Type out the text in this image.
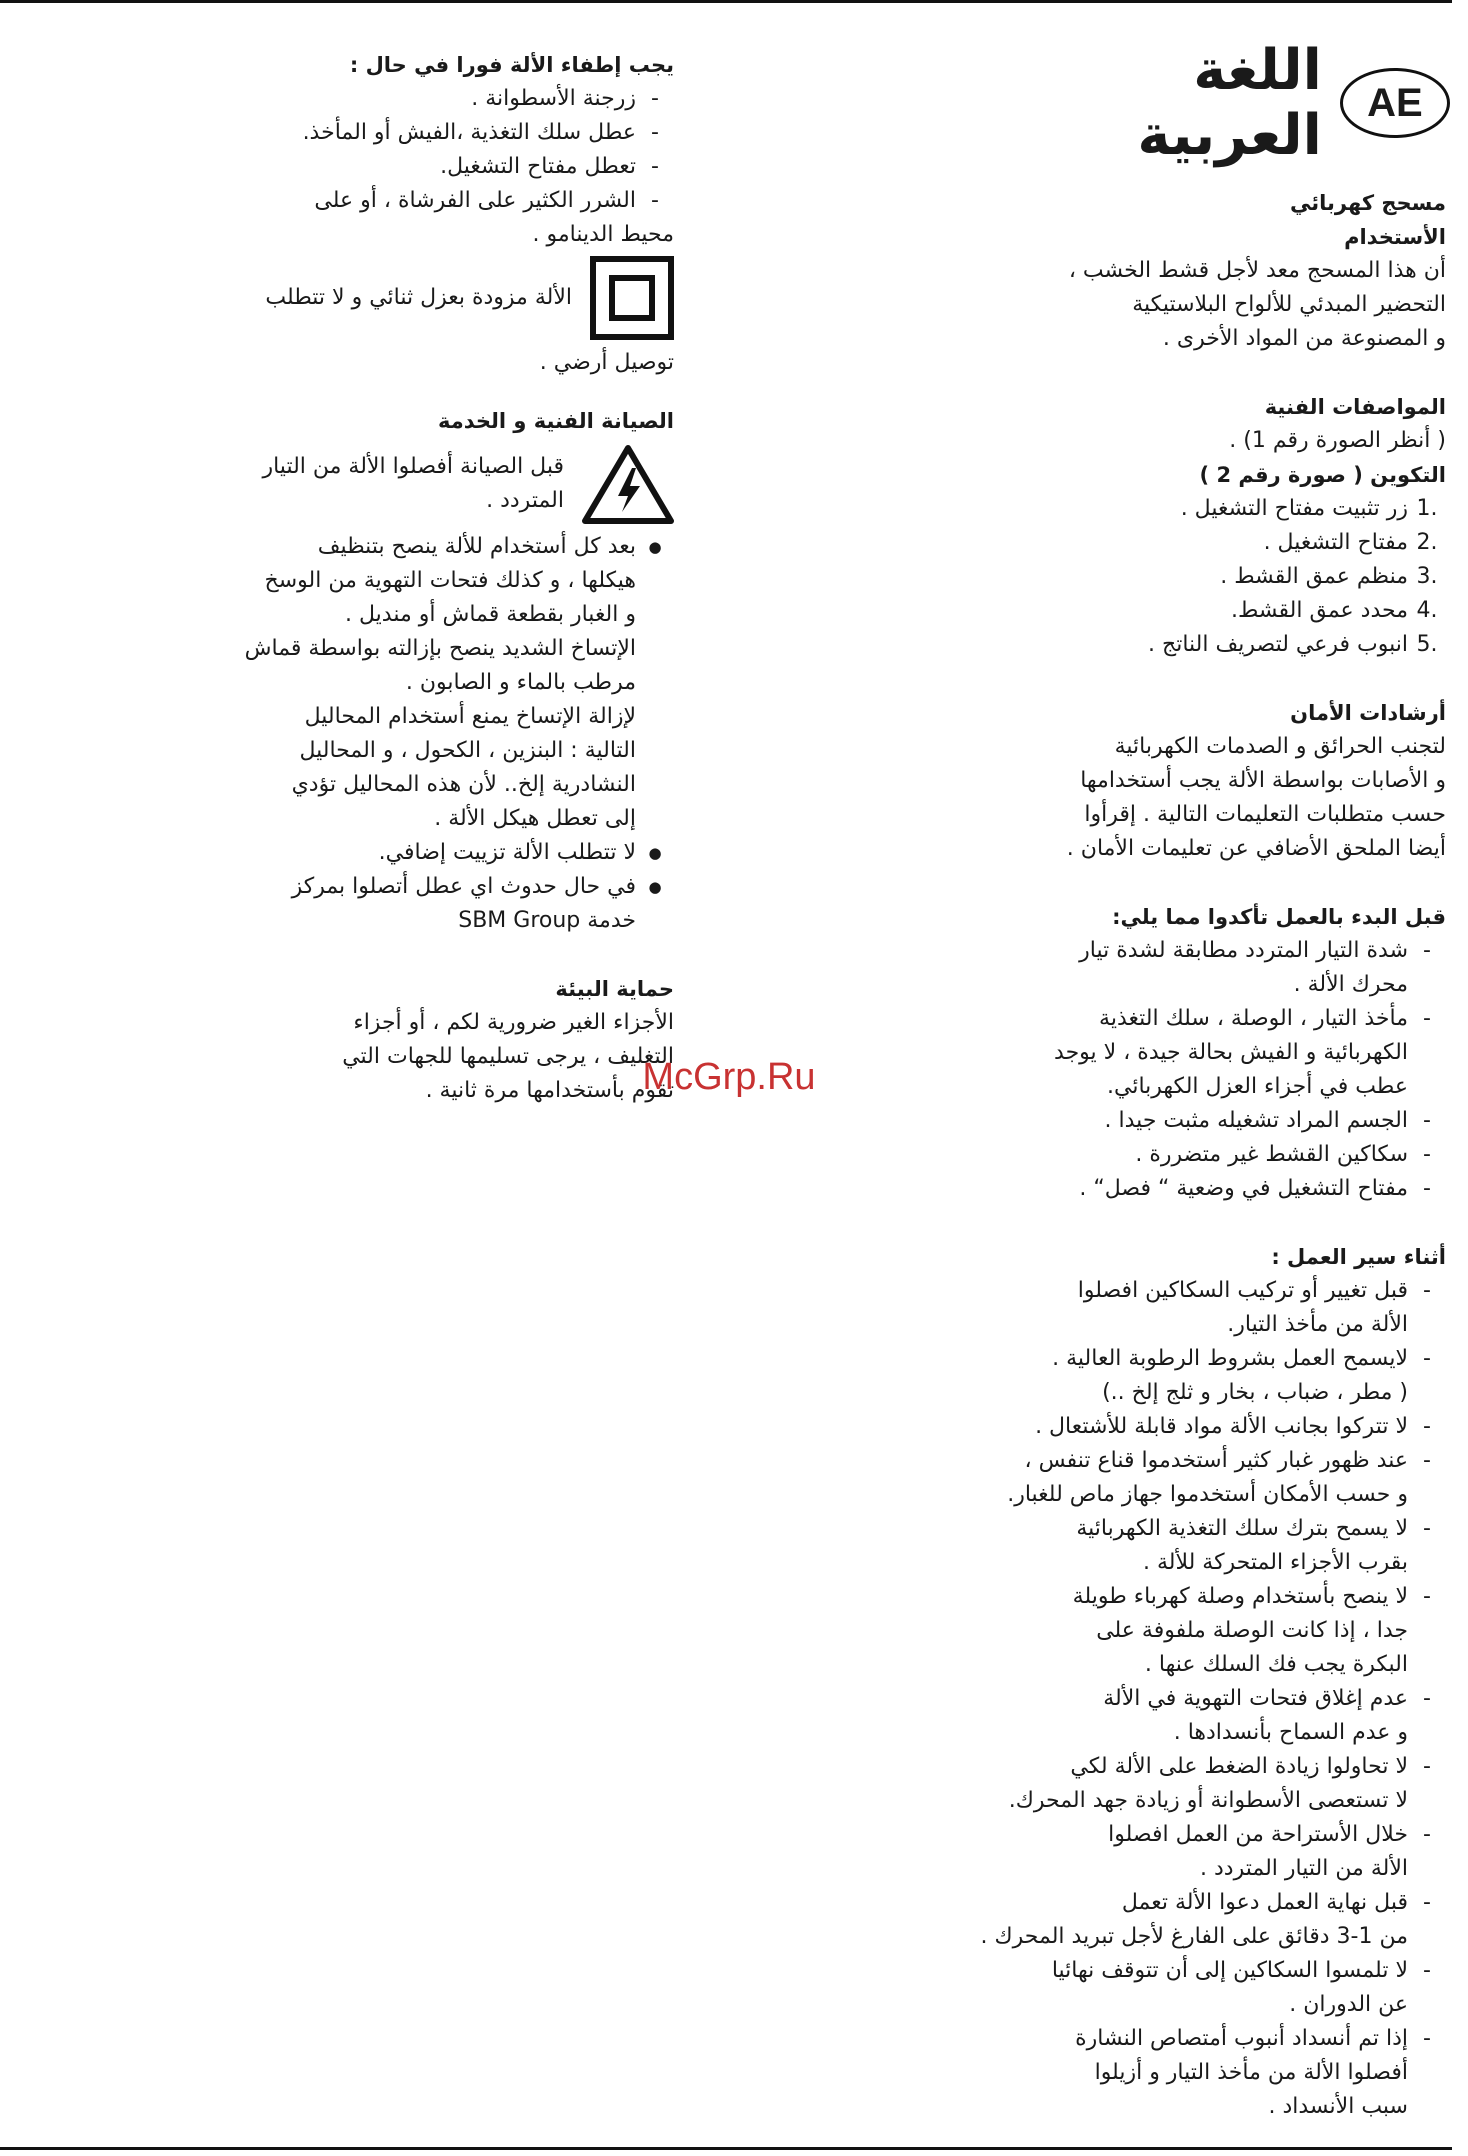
اللغة العربية
AE
مسحج كهربائي
الأستخدام
أن هذا المسحج معد لأجل قشط الخشب ،
التحضير المبدئي للألواح البلاستيكية
و المصنوعة من المواد الأخرى .
المواصفات الفنية
( أنظر الصورة رقم 1) .
التكوين ( صورة رقم 2 )
1.
زر تثبيت مفتاح التشغيل .
2.
مفتاح التشغيل .
3.
منظم عمق القشط .
4.
محدد عمق القشط.
5.
انبوب فرعي لتصريف الناتج .
أرشادات الأمان
لتجنب الحرائق و الصدمات الكهربائية
و الأصابات بواسطة الألة يجب أستخدامها
حسب متطلبات التعليمات التالية . إقرأوا
أيضا الملحق الأضافي عن تعليمات الأمان .
قبل البدء بالعمل تأكدوا مما يلي:
-
شدة التيار المتردد مطابقة لشدة تيار
محرك الألة .
-
مأخذ التيار ، الوصلة ، سلك التغذية
الكهربائية و الفيش بحالة جيدة ، لا يوجد
عطب في أجزاء العزل الكهربائي.
-
الجسم المراد تشغيله مثبت جيدا .
-
سكاكين القشط غير متضررة .
-
مفتاح التشغيل في وضعية “ فصل“ .
أثناء سير العمل :
-
قبل تغيير أو تركيب السكاكين افصلوا
الألة من مأخذ التيار.
-
لايسمح العمل بشروط الرطوبة العالية .
( مطر ، ضباب ، بخار و ثلج إلخ ..)
-
لا تتركوا بجانب الألة مواد قابلة للأشتعال .
-
عند ظهور غبار كثير أستخدموا قناع تنفس ،
و حسب الأمكان أستخدموا جهاز ماص للغبار.
-
لا يسمح بترك سلك التغذية الكهربائية
بقرب الأجزاء المتحركة للألة .
-
لا ينصح بأستخدام وصلة كهرباء طويلة
جدا ، إذا كانت الوصلة ملفوفة على
البكرة يجب فك السلك عنها .
-
عدم إغلاق فتحات التهوية في الألة
و عدم السماح بأنسدادها .
-
لا تحاولوا زيادة الضغط على الألة لكي
لا تستعصى الأسطوانة أو زيادة جهد المحرك.
-
خلال الأستراحة من العمل افصلوا
الألة من التيار المتردد .
-
قبل نهاية العمل دعوا الألة تعمل
من 1-3 دقائق على الفارغ لأجل تبريد المحرك .
-
لا تلمسوا السكاكين إلى أن تتوقف نهائيا
عن الدوران .
-
إذا تم أنسداد أنبوب أمتصاص النشارة
أفصلوا الألة من مأخذ التيار و أزيلوا
سبب الأنسداد .
يجب إطفاء الألة فورا في حال :
-
زرجنة الأسطوانة .
-
عطل سلك التغذية ،الفيش أو المأخذ.
-
تعطل مفتاح التشغيل.
-
الشرر الكثير على الفرشاة ، أو على
محيط الدينامو .
الألة مزودة بعزل ثنائي و لا تتطلب
توصيل أرضي .
الصيانة الفنية و الخدمة
قبل الصيانة أفصلوا الألة من التيار المتردد .
●
بعد كل أستخدام للألة ينصح بتنظيف
هيكلها ، و كذلك فتحات التهوية من الوسخ
و الغبار بقطعة قماش أو منديل .
الإتساخ الشديد ينصح بإزالته بواسطة قماش
مرطب بالماء و الصابون .
لإزالة الإتساخ يمنع أستخدام المحاليل
التالية : البنزين ، الكحول ، و المحاليل
النشادرية إلخ.. لأن هذه المحاليل تؤدي
إلى تعطل هيكل الألة .
●
لا تتطلب الألة تزييت إضافي.
●
في حال حدوث اي عطل أتصلوا بمركز
خدمة SBM Group
حماية البيئة
الأجزاء الغير ضرورية لكم ، أو أجزاء
التغليف ، يرجى تسليمها للجهات التي
تقوم بأستخدامها مرة ثانية .
McGrp.Ru
